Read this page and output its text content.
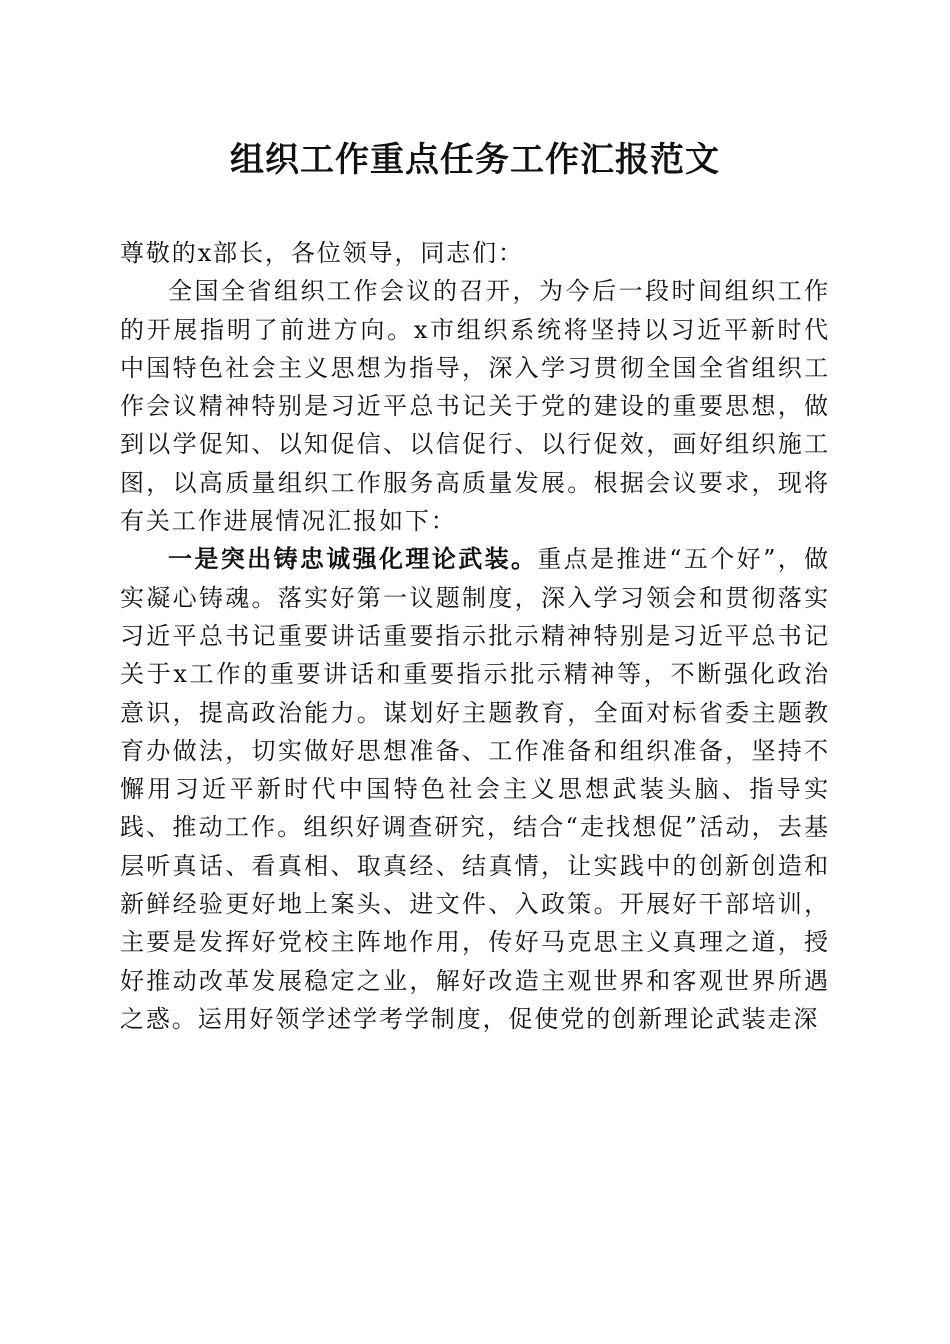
组织工作重点任务工作汇报范文

尊敬的x部长，各位领导，同志们：

全国全省组织工作会议的召开，为今后一段时间组织工作的开展指明了前进方向。x市组织系统将坚持以习近平新时代中国特色社会主义思想为指导，深入学习贯彻全国全省组织工作会议精神特别是习近平总书记关于党的建设的重要思想，做到以学促知、以知促信、以信促行、以行促效，画好组织施工图，以高质量组织工作服务高质量发展。根据会议要求，现将有关工作进展情况汇报如下：

一是突出铸忠诚强化理论武装。重点是推进“五个好”，做实凝心铸魂。落实好第一议题制度，深入学习领会和贯彻落实习近平总书记重要讲话重要指示批示精神特别是习近平总书记关于x工作的重要讲话和重要指示批示精神等，不断强化政治意识，提高政治能力。谋划好主题教育，全面对标省委主题教育办做法，切实做好思想准备、工作准备和组织准备，坚持不懈用习近平新时代中国特色社会主义思想武装头脑、指导实践、推动工作。组织好调查研究，结合“走找想促”活动，去基层听真话、看真相、取真经、结真情，让实践中的创新创造和新鲜经验更好地上案头、进文件、入政策。开展好干部培训，主要是发挥好党校主阵地作用，传好马克思主义真理之道，授好推动改革发展稳定之业，解好改造主观世界和客观世界所遇之惑。运用好领学述学考学制度，促使党的创新理论武装走深
